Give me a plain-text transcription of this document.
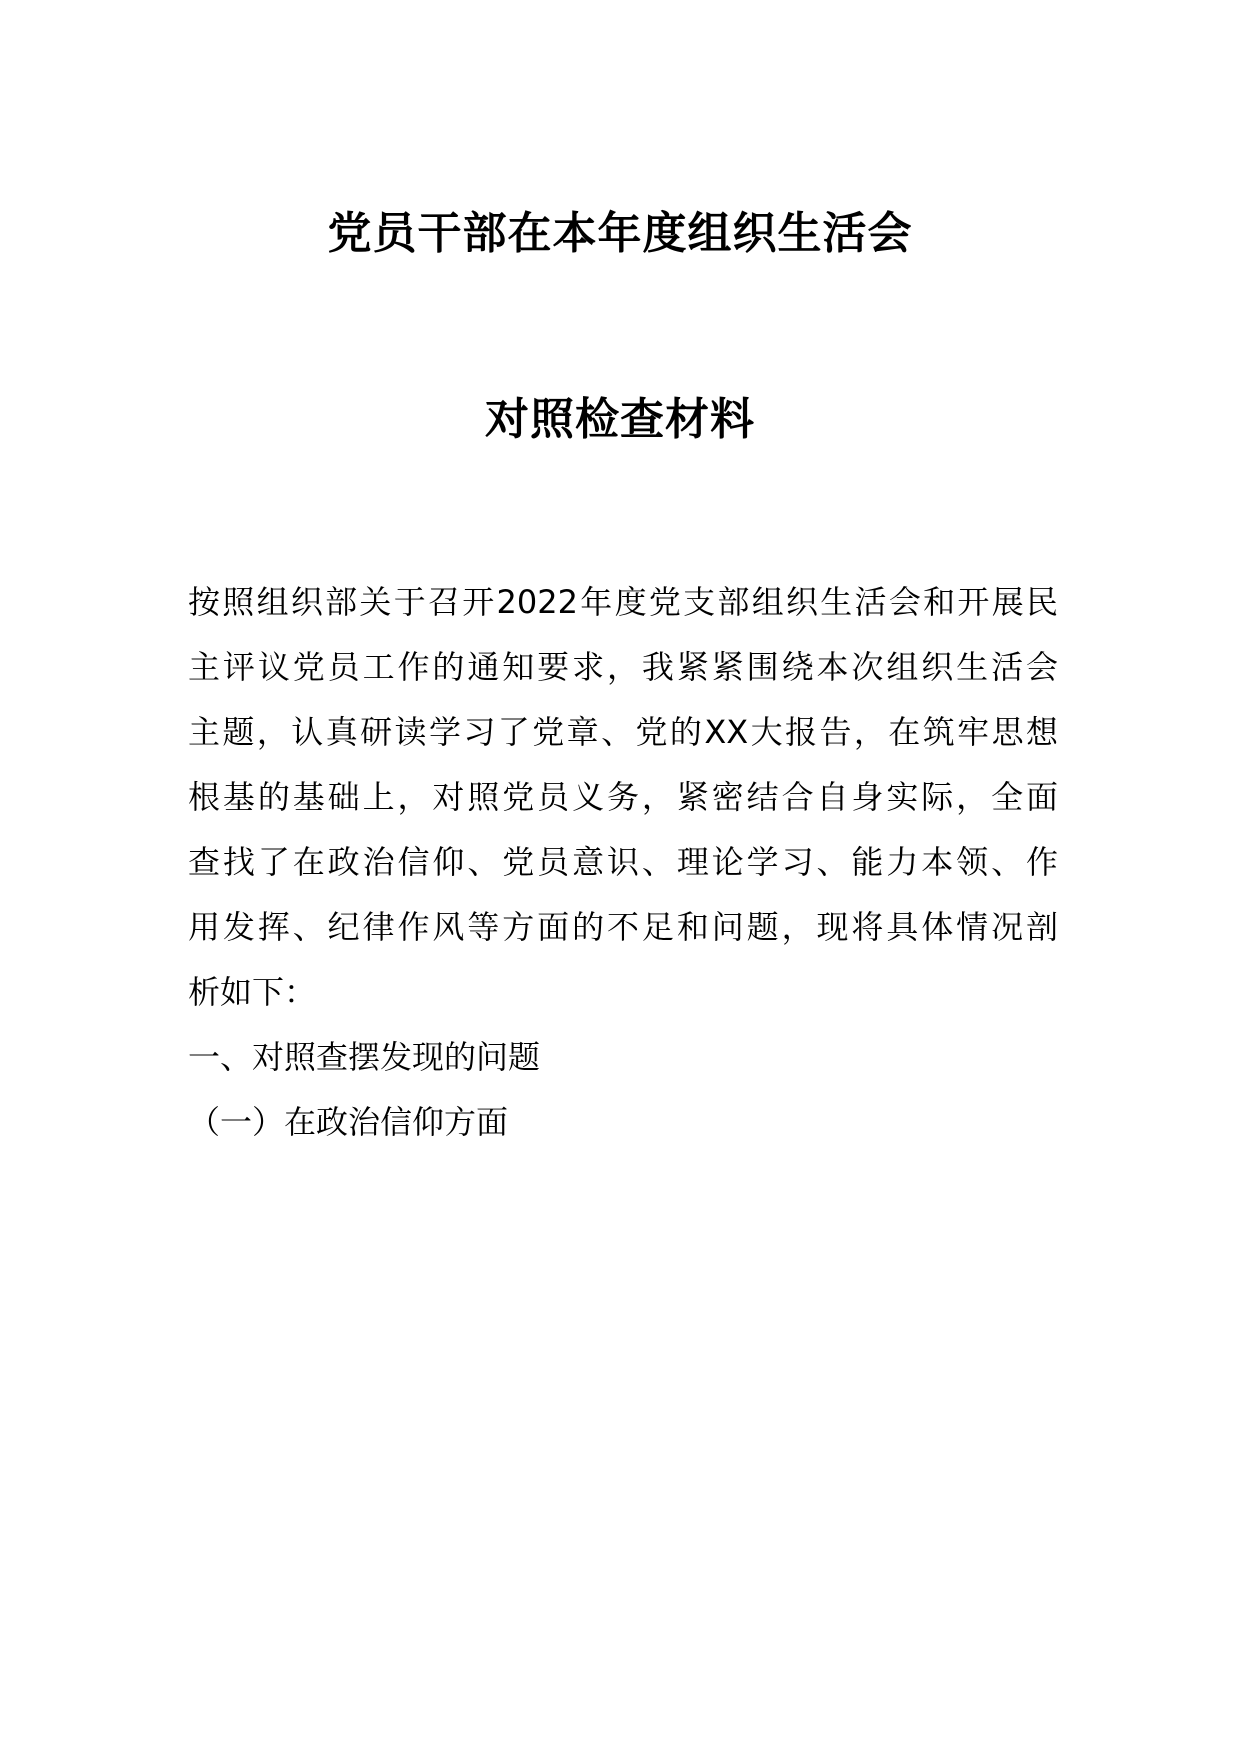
党员干部在本年度组织生活会
对照检查材料
按照组织部关于召开2022年度党支部组织生活会和开展民
主评议党员工作的通知要求，我紧紧围绕本次组织生活会
主题，认真研读学习了党章、党的XX大报告，在筑牢思想
根基的基础上，对照党员义务，紧密结合自身实际，全面
查找了在政治信仰、党员意识、理论学习、能力本领、作
用发挥、纪律作风等方面的不足和问题，现将具体情况剖
析如下：
一、对照查摆发现的问题
（一）在政治信仰方面
